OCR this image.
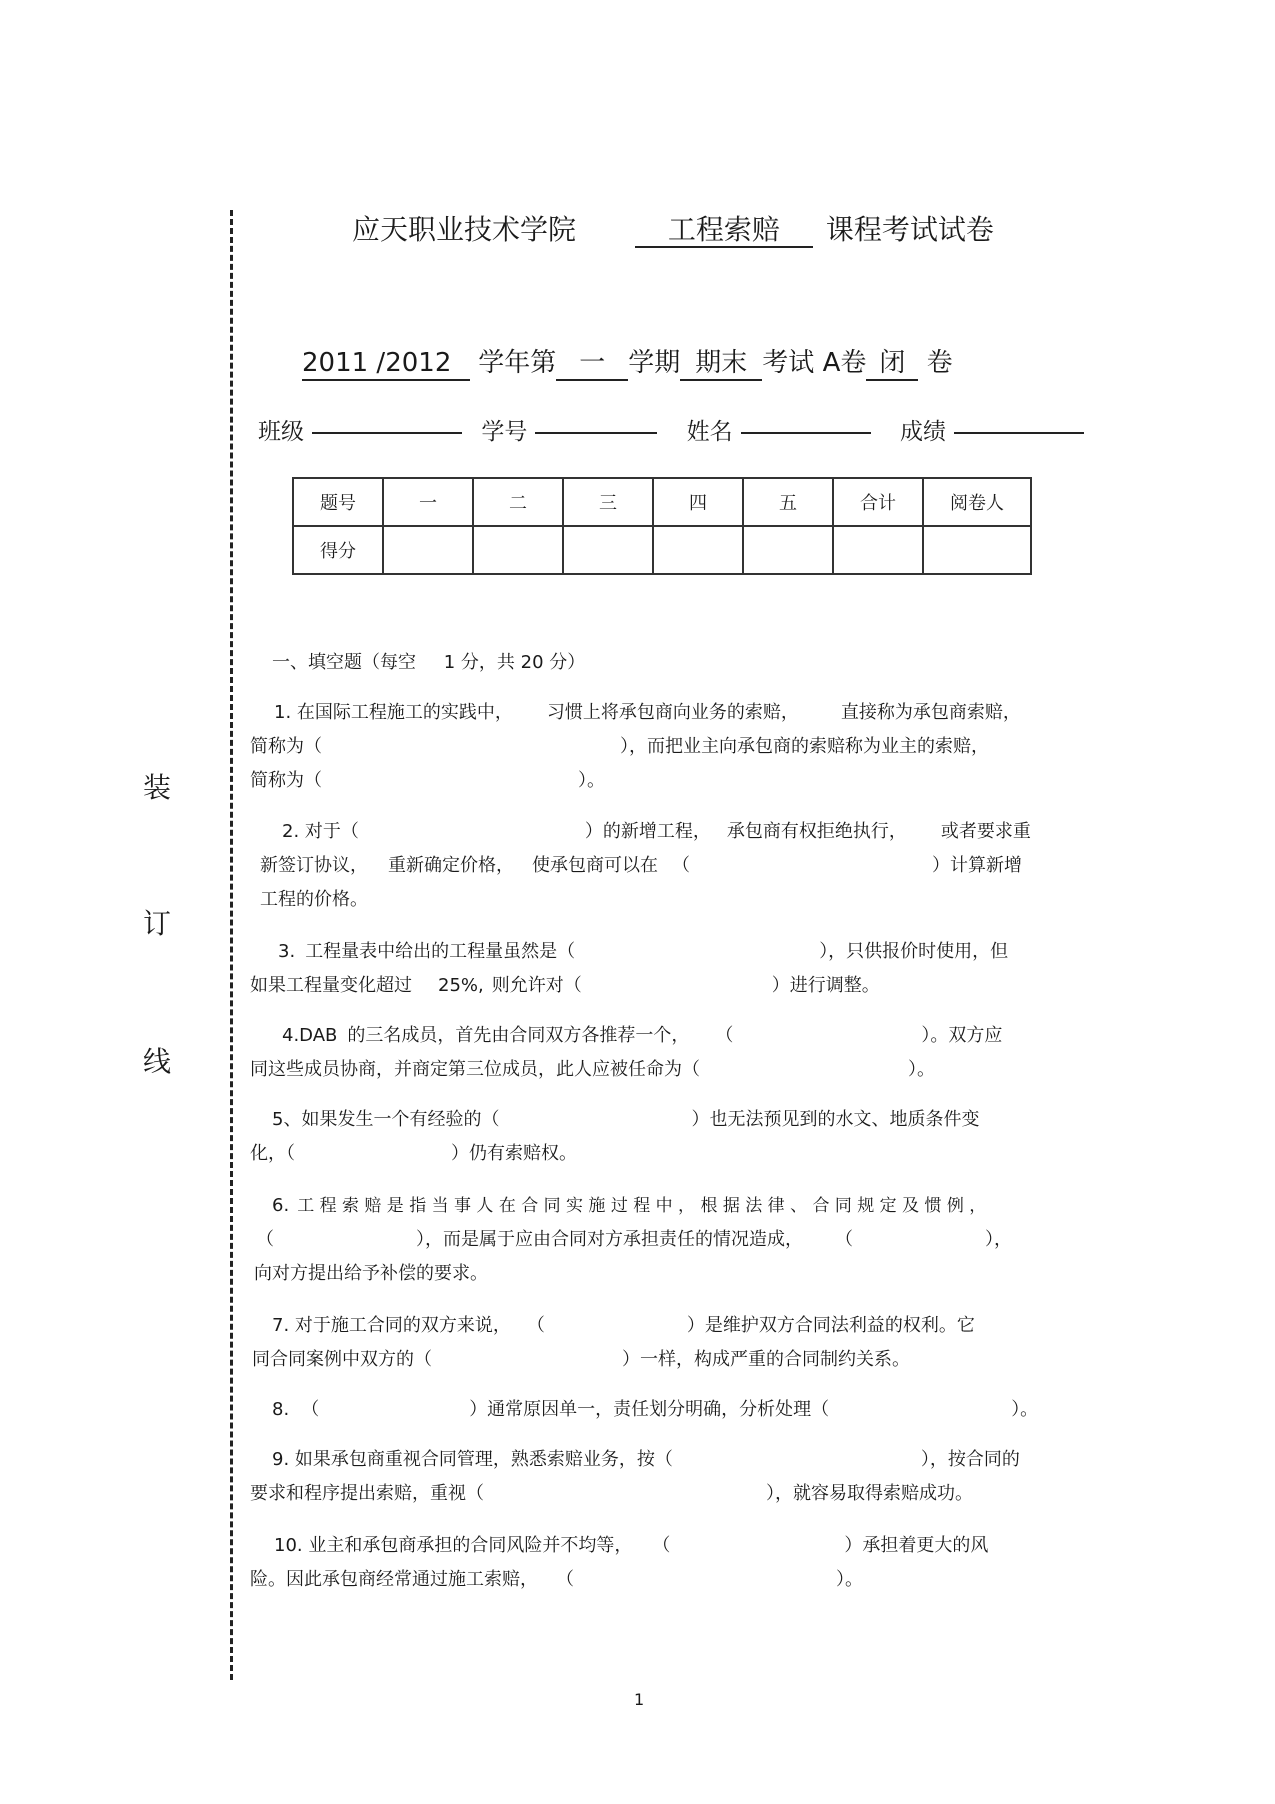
装
订
线
应天职业技术学院	工程索赔 课程考试试卷
2011 /2012 学年第 一 学期 期末 考试 A卷 闭 卷
班级	学号	姓名	成绩
题号	一	二	三	四	五	合计	阅卷人
得分							
一、填空题（每空 1 分，共 20 分）
1. 在国际工程施工的实践中， 习惯上将承包商向业务的索赔， 直接称为承包商索赔，
简称为（	），而把业主向承包商的索赔称为业主的索赔，
简称为（	）。
2. 对于（	）的新增工程， 承包商有权拒绝执行， 或者要求重
新签订协议， 重新确定价格， 使承包商可以在 （	）计算新增
工程的价格。
3. 工程量表中给出的工程量虽然是（	），只供报价时使用，但
如果工程量变化超过 25%, 则允许对（	）进行调整。
4.DAB 的三名成员，首先由合同双方各推荐一个， （	）。双方应
同这些成员协商，并商定第三位成员，此人应被任命为（	）。
5、如果发生一个有经验的（	）也无法预见到的水文、地质条件变
化，（	）仍有索赔权。
6. 工 程 索 赔 是 指 当 事 人 在 合 同 实 施 过 程 中 ， 根 据 法 律 、 合 同 规 定 及 惯 例 ，
（	），而是属于应由合同对方承担责任的情况造成， （	），
向对方提出给予补偿的要求。
7. 对于施工合同的双方来说， （	）是维护双方合同法利益的权利。它
同合同案例中双方的（	）一样，构成严重的合同制约关系。
8. （	）通常原因单一，责任划分明确，分析处理（	）。
9. 如果承包商重视合同管理，熟悉索赔业务，按（	），按合同的
要求和程序提出索赔，重视（	），就容易取得索赔成功。
10. 业主和承包商承担的合同风险并不均等， （	）承担着更大的风
险。因此承包商经常通过施工索赔， （	）。
1
